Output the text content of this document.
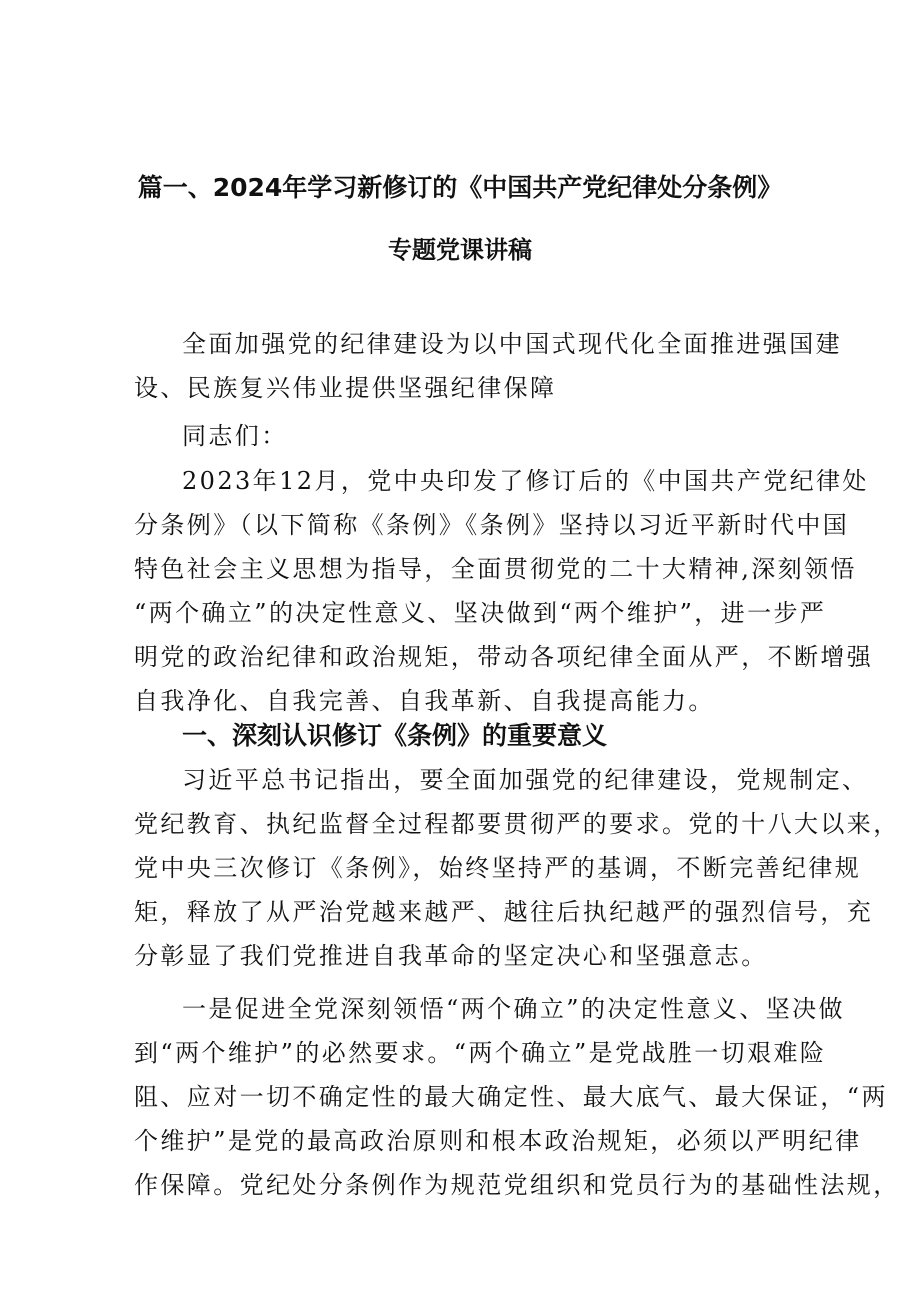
篇一、2024年学习新修订的《中国共产党纪律处分条例》
专题党课讲稿
全面加强党的纪律建设为以中国式现代化全面推进强国建
设、民族复兴伟业提供坚强纪律保障
同志们：
2023年12月，党中央印发了修订后的《中国共产党纪律处
分条例》（以下简称《条例》《条例》坚持以习近平新时代中国
特色社会主义思想为指导，全面贯彻党的二十大精神,深刻领悟
“两个确立”的决定性意义、坚决做到“两个维护”，进一步严
明党的政治纪律和政治规矩，带动各项纪律全面从严，不断增强
自我净化、自我完善、自我革新、自我提高能力。
一、深刻认识修订《条例》的重要意义
习近平总书记指出，要全面加强党的纪律建设，党规制定、
党纪教育、执纪监督全过程都要贯彻严的要求。党的十八大以来，
党中央三次修订《条例》，始终坚持严的基调，不断完善纪律规
矩，释放了从严治党越来越严、越往后执纪越严的强烈信号，充
分彰显了我们党推进自我革命的坚定决心和坚强意志。
一是促进全党深刻领悟“两个确立”的决定性意义、坚决做
到“两个维护”的必然要求。“两个确立”是党战胜一切艰难险
阻、应对一切不确定性的最大确定性、最大底气、最大保证，“两
个维护”是党的最高政治原则和根本政治规矩，必须以严明纪律
作保障。党纪处分条例作为规范党组织和党员行为的基础性法规，
